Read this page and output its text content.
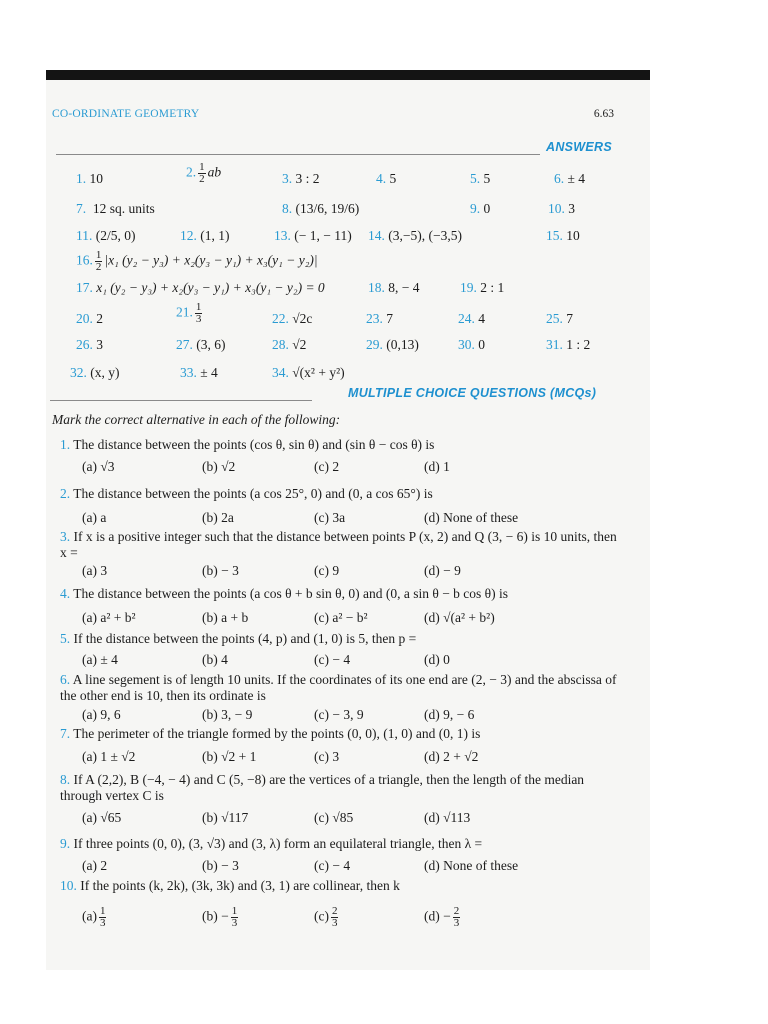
CO-ORDINATE GEOMETRY	6.63
ANSWERS
1. 10	2. $\frac{1}{2}$ ab	3. 3 : 2	4. 5	5. 5	6. ± 4
7. 12 sq. units	8. (13/6, 19/6)	9. 0	10. 3
11. (2/5, 0)	12. (1, 1)	13. (− 1, − 11) 14. (3,−5), (−3,5)	15. 10
16. $\frac{1}{2} |x_1$ (y₂ − y₃) + x₂(y₃ − y₁) + x₃(y₁ − y₂)|
17. x₁ (y₂ − y₃) + x₂(y₃ − y₁) + x₃(y₁ − y₂) = 0	18. 8, − 4	19. 2 : 1
20. 2	21. $\frac{1}{3}$	22. √2c	23. 7	24. 4	25. 7
26. 3	27. (3, 6)	28. √2	29. (0,13)	30. 0	31. 1 : 2
32. (x, y)	33. ± 4	34. √(x² + y²)
MULTIPLE CHOICE QUESTIONS (MCQs)
Mark the correct alternative in each of the following:
1. The distance between the points (cos θ, sin θ) and (sin θ − cos θ) is
(a) √3	(b) √2	(c) 2	(d) 1
2. The distance between the points (a cos 25°, 0) and (0, a cos 65°) is
(a) a	(b) 2a	(c) 3a	(d) None of these
3. If x is a positive integer such that the distance between points P (x, 2) and Q (3, − 6) is 10 units, then x =
(a) 3	(b) − 3	(c) 9	(d) − 9
4. The distance between the points (a cos θ + b sin θ, 0) and (0, a sin θ − b cos θ) is
(a) a² + b²	(b) a + b	(c) a² − b²	(d) √(a² + b²)
5. If the distance between the points (4, p) and (1, 0) is 5, then p =
(a) ± 4	(b) 4	(c) − 4	(d) 0
6. A line segement is of length 10 units. If the coordinates of its one end are (2, − 3) and the abscissa of the other end is 10, then its ordinate is
(a) 9, 6	(b) 3, − 9	(c) − 3, 9	(d) 9, − 6
7. The perimeter of the triangle formed by the points (0, 0), (1, 0) and (0, 1) is
(a) 1 ± √2	(b) √2 + 1	(c) 3	(d) 2 + √2
8. If A (2,2), B (−4, − 4) and C (5, −8) are the vertices of a triangle, then the length of the median through vertex C is
(a) √65	(b) √117	(c) √85	(d) √113
9. If three points (0, 0), (3, √3) and (3, λ) form an equilateral triangle, then λ =
(a) 2	(b) − 3	(c) − 4	(d) None of these
10. If the points (k, 2k), (3k, 3k) and (3, 1) are collinear, then k
$(a) \frac{1}{3}$	$(b) - \frac{1}{3}$	$(c) \frac{2}{3}$	$(d) - \frac{2}{3}$
